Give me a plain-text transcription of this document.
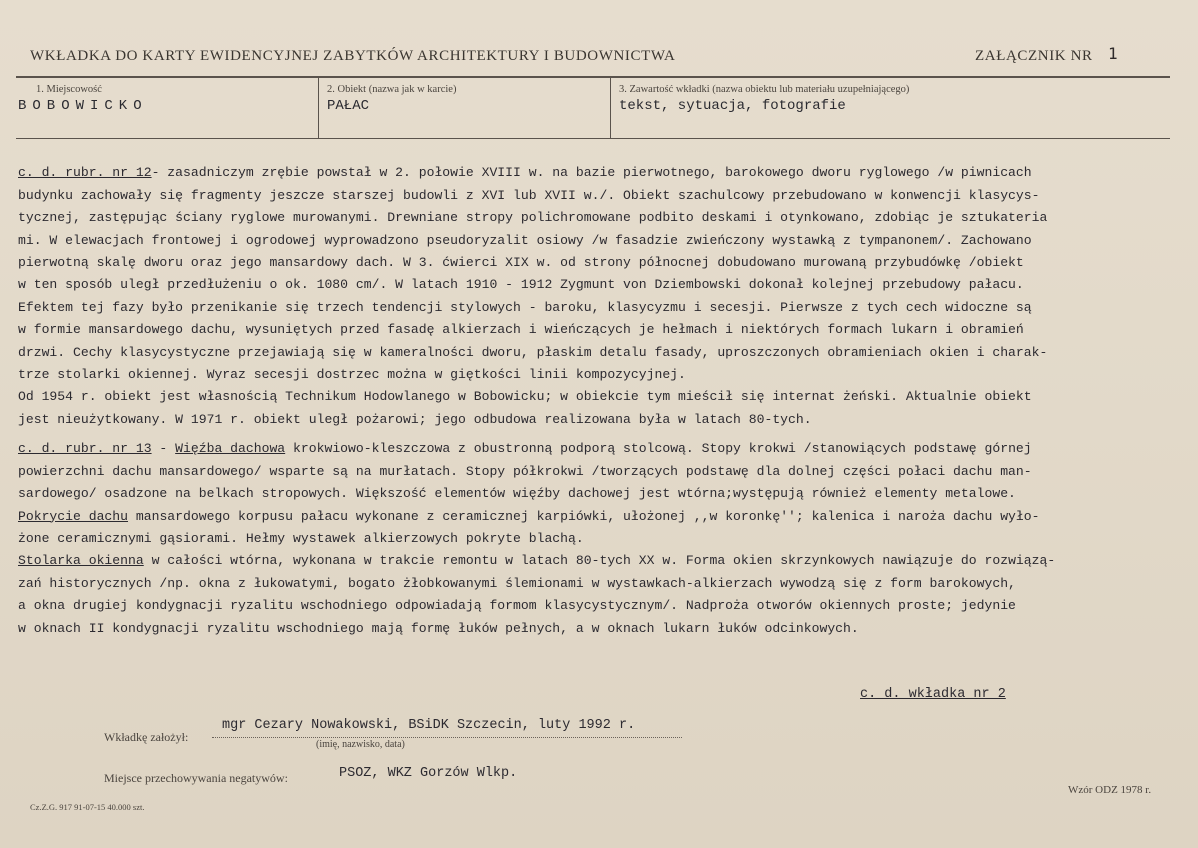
WKŁADKA DO KARTY EWIDENCYJNEJ ZABYTKÓW ARCHITEKTURY I BUDOWNICTWA	ZAŁĄCZNIK NR 1
1. Miejscowość
BOBOWICKO
2. Obiekt (nazwa jak w karcie)
PAŁAC
3. Zawartość wkładki (nazwa obiektu lub materiału uzupełniającego)
tekst, sytuacja, fotografie

c. d. rubr. nr 12- zasadniczym zrębie powstał w 2. połowie XVIII w. na bazie pierwotnego, barokowego dworu ryglowego /w piwnicach
budynku zachowały się fragmenty jeszcze starszej budowli z XVI lub XVII w./. Obiekt szachulcowy przebudowano w konwencji klasycys-
tycznej, zastępując ściany ryglowe murowanymi. Drewniane stropy polichromowane podbito deskami i otynkowano, zdobiąc je sztukateria
mi. W elewacjach frontowej i ogrodowej wyprowadzono pseudoryzalit osiowy /w fasadzie zwieńczony wystawką z tympanonem/. Zachowano
pierwotną skalę dworu oraz jego mansardowy dach. W 3. ćwierci XIX w. od strony północnej dobudowano murowaną przybudówkę /obiekt
w ten sposób uległ przedłużeniu o ok. 1080 cm/. W latach 1910 - 1912 Zygmunt von Dziembowski dokonał kolejnej przebudowy pałacu.
Efektem tej fazy było przenikanie się trzech tendencji stylowych - baroku, klasycyzmu i secesji. Pierwsze z tych cech widoczne są
w formie mansardowego dachu, wysuniętych przed fasadę alkierzach i wieńczących je hełmach i niektórych formach lukarn i obramień
drzwi. Cechy klasycystyczne przejawiają się w kameralności dworu, płaskim detalu fasady, uproszczonych obramieniach okien i charak-
trze stolarki okiennej. Wyraz secesji dostrzec można w giętkości linii kompozycyjnej.
Od 1954 r. obiekt jest własnością Technikum Hodowlanego w Bobowicku; w obiekcie tym mieścił się internat żeński. Aktualnie obiekt
jest nieużytkowany. W 1971 r. obiekt uległ pożarowi; jego odbudowa realizowana była w latach 80-tych.
c. d. rubr. nr 13 - Więźba dachowa krokwiowo-kleszczowa z obustronną podporą stolcową. Stopy krokwi /stanowiących podstawę górnej
powierzchni dachu mansardowego/ wsparte są na murłatach. Stopy półkrokwi /tworzących podstawę dla dolnej części połaci dachu man-
sardowego/ osadzone na belkach stropowych. Większość elementów więźby dachowej jest wtórna;występują również elementy metalowe.
Pokrycie dachu mansardowego korpusu pałacu wykonane z ceramicznej karpiówki, ułożonej ,,w koronkę''; kalenica i naroża dachu wyło-
żone ceramicznymi gąsiorami. Hełmy wystawek alkierzowych pokryte blachą.
Stolarka okienna w całości wtórna, wykonana w trakcie remontu w latach 80-tych XX w. Forma okien skrzynkowych nawiązuje do rozwiązą-
zań historycznych /np. okna z łukowatymi, bogato żłobkowanymi ślemionami w wystawkach-alkierzach wywodzą się z form barokowych,
a okna drugiej kondygnacji ryzalitu wschodniego odpowiadają formom klasycystycznym/. Nadproża otworów okiennych proste; jedynie
w oknach II kondygnacji ryzalitu wschodniego mają formę łuków pełnych, a w oknach lukarn łuków odcinkowych.

c. d. wkładka nr 2
Wkładkę założył:
mgr Cezary Nowakowski, BSiDK Szczecin, luty 1992 r.
(imię, nazwisko, data)
Miejsce przechowywania negatywów:	PSOZ, WKZ Gorzów Wlkp.
Cz.Z.G. 917 91-07-15 40.000 szt.
Wzór ODZ 1978 r.
